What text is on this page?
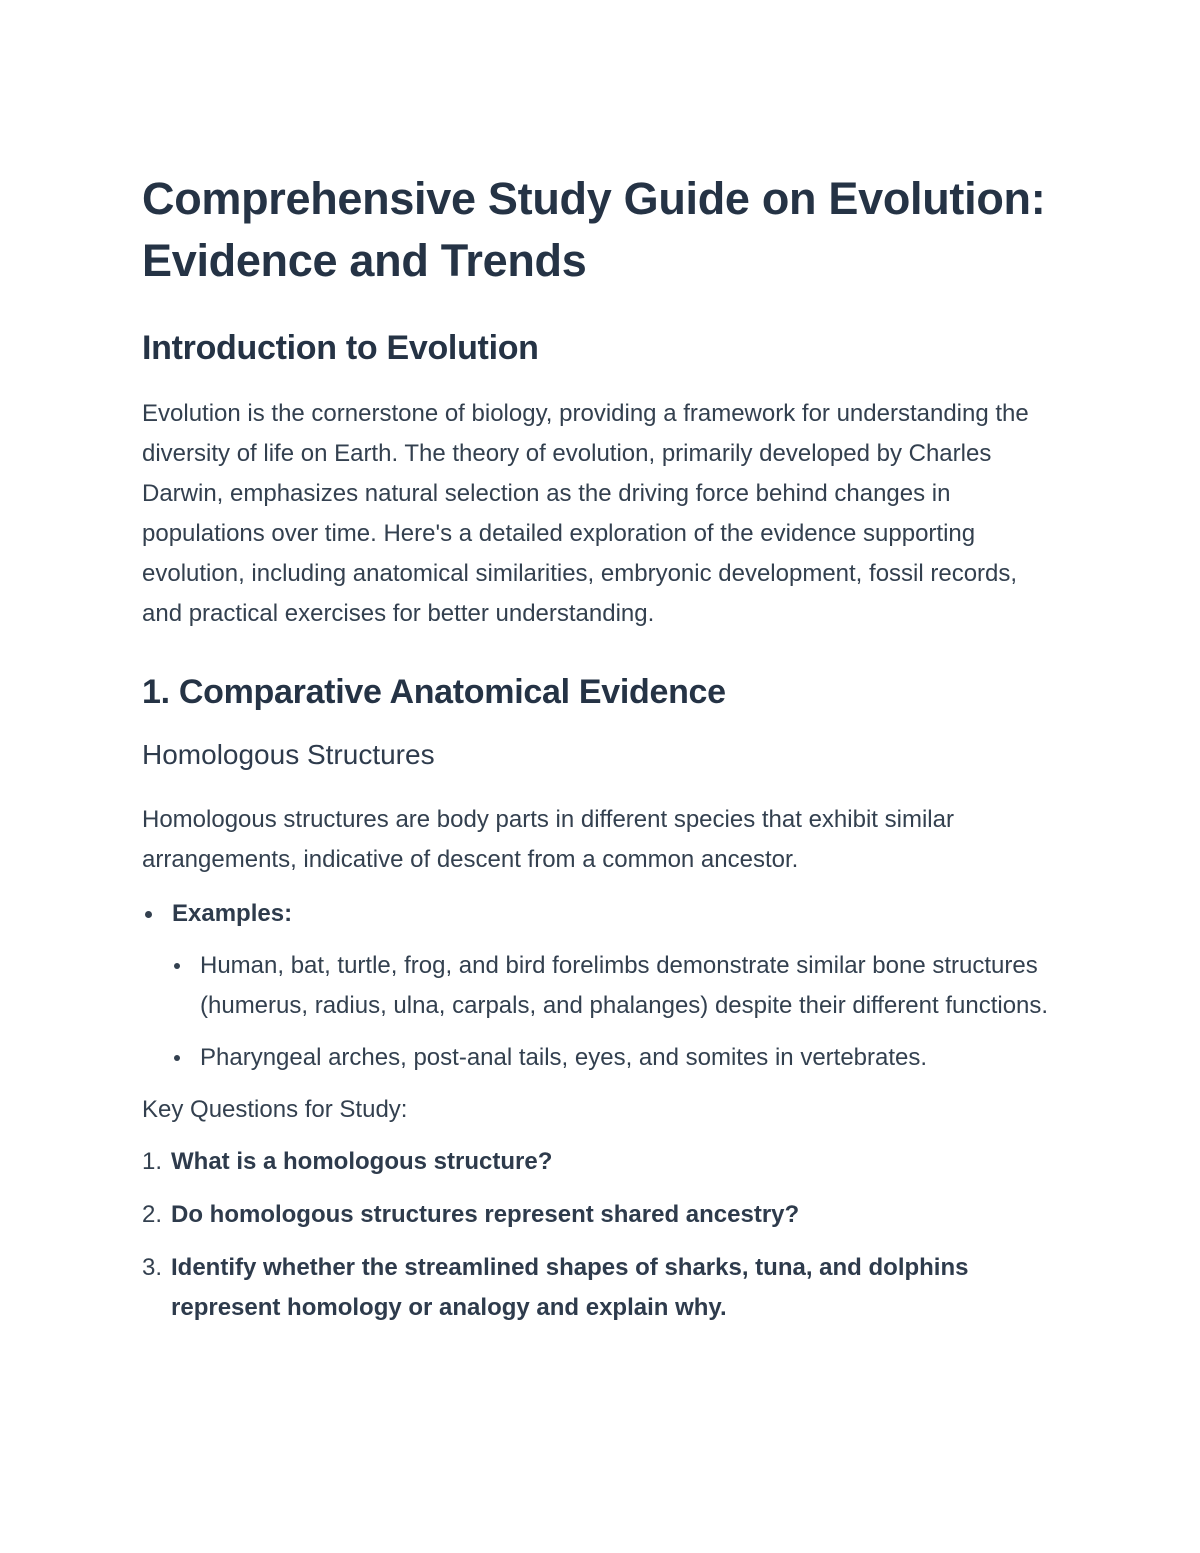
Comprehensive Study Guide on Evolution: Evidence and Trends
Introduction to Evolution

Evolution is the cornerstone of biology, providing a framework for understanding the diversity of life on Earth. The theory of evolution, primarily developed by Charles Darwin, emphasizes natural selection as the driving force behind changes in populations over time. Here's a detailed exploration of the evidence supporting evolution, including anatomical similarities, embryonic development, fossil records, and practical exercises for better understanding.

1. Comparative Anatomical Evidence
Homologous Structures

Homologous structures are body parts in different species that exhibit similar arrangements, indicative of descent from a common ancestor.

Examples:
Human, bat, turtle, frog, and bird forelimbs demonstrate similar bone structures (humerus, radius, ulna, carpals, and phalanges) despite their different functions.
Pharyngeal arches, post-anal tails, eyes, and somites in vertebrates.
Key Questions for Study:
1. What is a homologous structure?
2. Do homologous structures represent shared ancestry?
3. Identify whether the streamlined shapes of sharks, tuna, and dolphins represent homology or analogy and explain why.
